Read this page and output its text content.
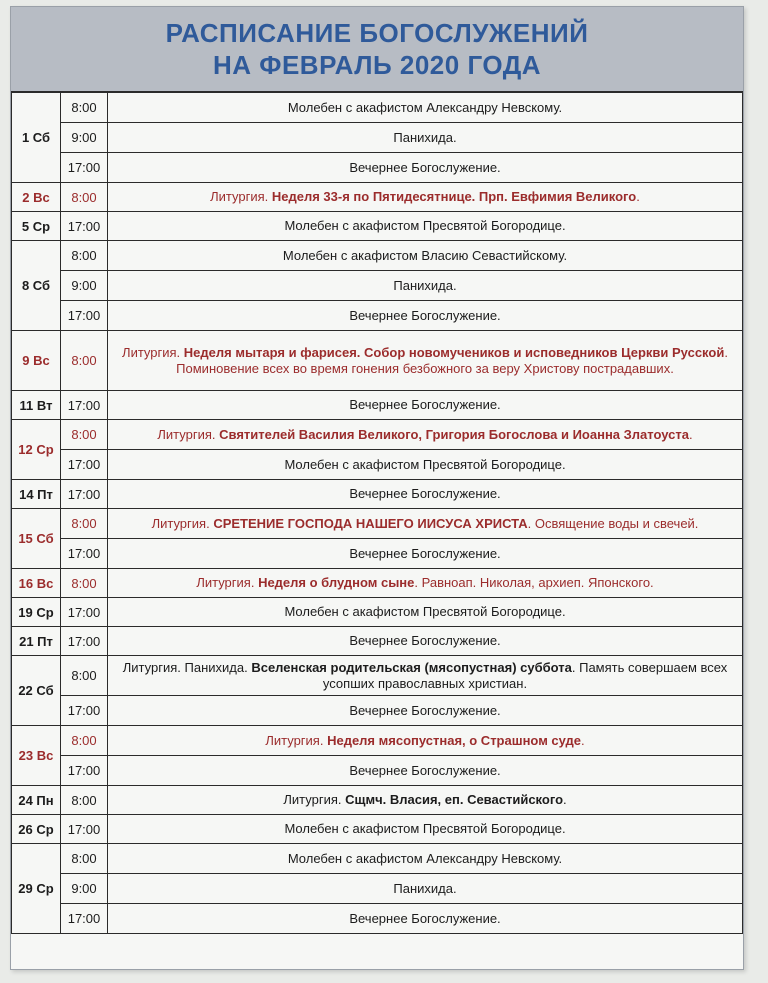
РАСПИСАНИЕ БОГОСЛУЖЕНИЙ
НА ФЕВРАЛЬ 2020 ГОДА
1 Сб	8:00	Молебен с акафистом Александру Невскому.
	9:00	Панихида.
	17:00	Вечернее Богослужение.
2 Вс	8:00	Литургия. Неделя 33-я по Пятидесятнице. Прп. Евфимия Великого.
5 Ср	17:00	Молебен с акафистом Пресвятой Богородице.
8 Сб	8:00	Молебен с акафистом Власию Севастийскому.
	9:00	Панихида.
	17:00	Вечернее Богослужение.
9 Вс	8:00	Литургия. Неделя мытаря и фарисея. Собор новомучеников и исповедников Церкви Русской. Поминовение всех во время гонения безбожного за веру Христову пострадавших.
11 Вт	17:00	Вечернее Богослужение.
12 Ср	8:00	Литургия. Святителей Василия Великого, Григория Богослова и Иоанна Златоуста.
	17:00	Молебен с акафистом Пресвятой Богородице.
14 Пт	17:00	Вечернее Богослужение.
15 Сб	8:00	Литургия. СРЕТЕНИЕ ГОСПОДА НАШЕГО ИИСУСА ХРИСТА. Освящение воды и свечей.
	17:00	Вечернее Богослужение.
16 Вс	8:00	Литургия. Неделя о блудном сыне. Равноап. Николая, архиеп. Японского.
19 Ср	17:00	Молебен с акафистом Пресвятой Богородице.
21 Пт	17:00	Вечернее Богослужение.
22 Сб	8:00	Литургия. Панихида. Вселенская родительская (мясопустная) суббота. Память совершаем всех усопших православных христиан.
	17:00	Вечернее Богослужение.
23 Вс	8:00	Литургия. Неделя мясопустная, о Страшном суде.
	17:00	Вечернее Богослужение.
24 Пн	8:00	Литургия. Сщмч. Власия, еп. Севастийского.
26 Ср	17:00	Молебен с акафистом Пресвятой Богородице.
29 Ср	8:00	Молебен с акафистом Александру Невскому.
	9:00	Панихида.
	17:00	Вечернее Богослужение.
